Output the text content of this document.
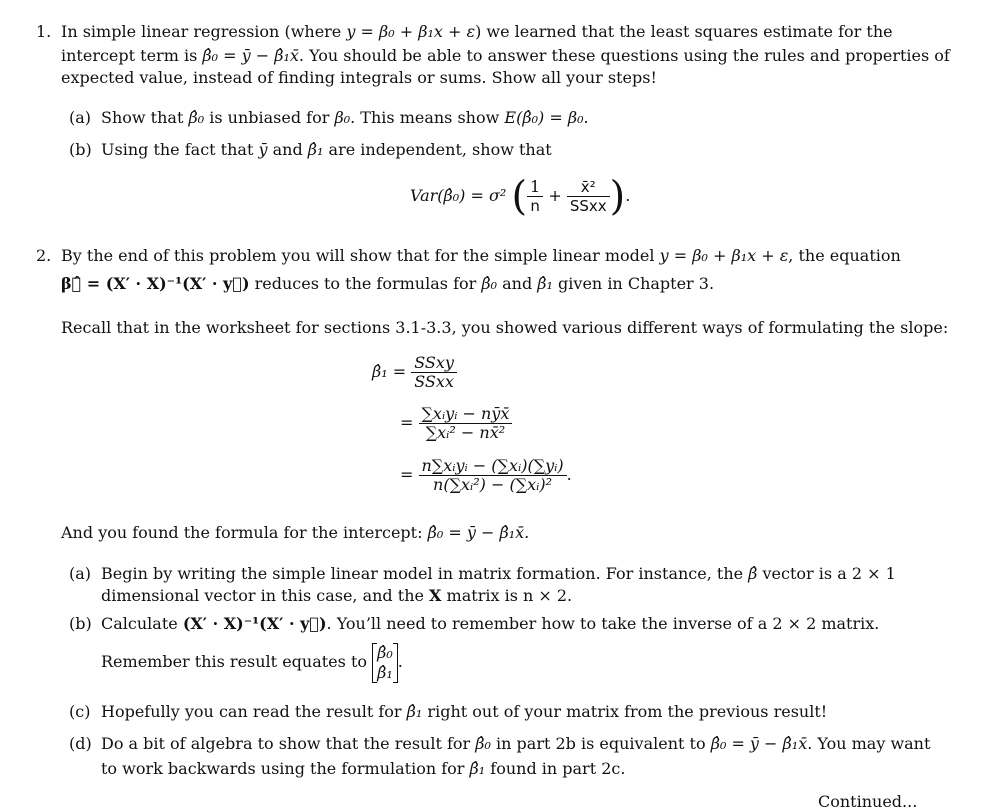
1. In simple linear regression (where y = β₀ + β₁x + ε) we learned that the least squares estimate for the
intercept term is β̂₀ = ȳ − β̂₁x̄. You should be able to answer these questions using the rules and properties of
expected value, instead of finding integrals or sums. Show all your steps!
(a) Show that β̂₀ is unbiased for β₀. This means show E(β̂₀) = β₀.
(b) Using the fact that ȳ and β̂₁ are independent, show that
Var(β̂₀) = σ² ( $\frac{1}{n} + \frac{\text{x̄²}}{\text{SSxx}}$ ).
2. By the end of this problem you will show that for the simple linear model y = β₀ + β₁x + ε, the equation
β⃗̂ = (X′ · X)⁻¹(X′ · y⃗) reduces to the formulas for β̂₀ and β̂₁ given in Chapter 3.
Recall that in the worksheet for sections 3.1-3.3, you showed various different ways of formulating the slope:
β̂₁ = $\frac{\text{SSxy}}{\text{SSxx}}$
= $\frac{\text{∑xᵢyᵢ − nȳx̄}}{\text{∑xᵢ² − nx̄²}}$
= $\frac{\text{n∑xᵢyᵢ − (∑xᵢ)(∑yᵢ)}}{\text{n(∑xᵢ²) − (∑xᵢ)²}}$ .
And you found the formula for the intercept: β̂₀ = ȳ − β̂₁x̄.
(a) Begin by writing the simple linear model in matrix formation. For instance, the β̂ vector is a 2 × 1
dimensional vector in this case, and the X matrix is n × 2.
(b) Calculate (X′ · X)⁻¹(X′ · y⃗). You’ll need to remember how to take the inverse of a 2 × 2 matrix.
Remember this result equates to β̂₀
β̂₁
.
(c) Hopefully you can read the result for β̂₁ right out of your matrix from the previous result!
(d) Do a bit of algebra to show that the result for β̂₀ in part 2b is equivalent to β̂₀ = ȳ − β̂₁x̄. You may want
to work backwards using the formulation for β̂₁ found in part 2c.
Continued...
